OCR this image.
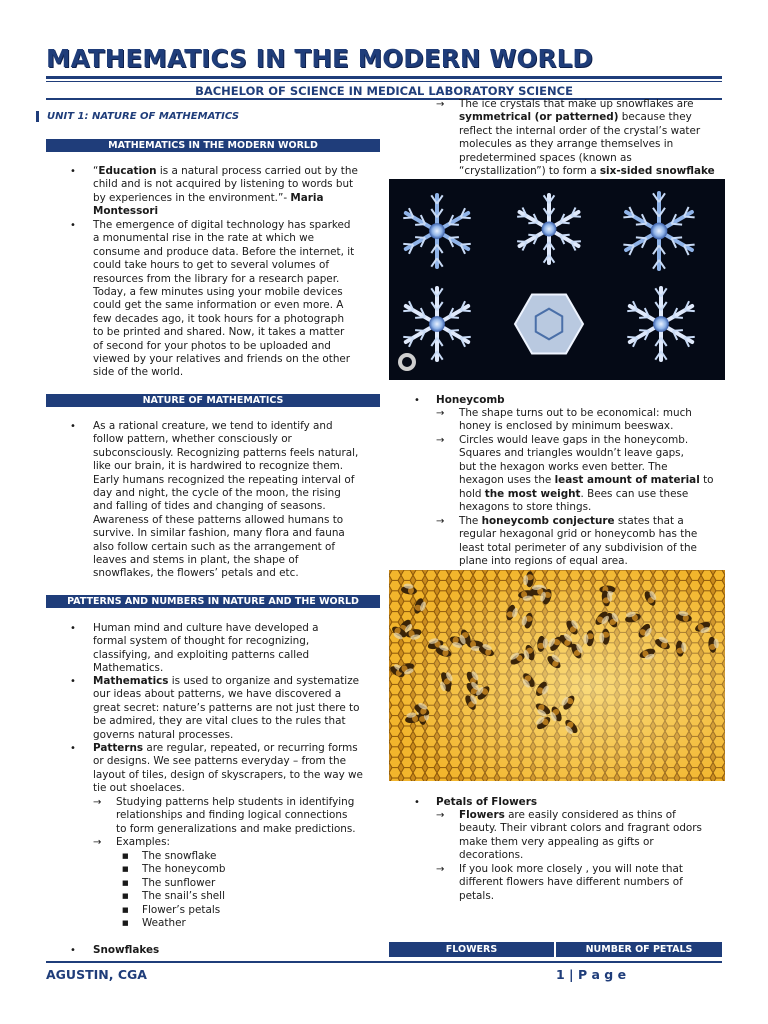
MATHEMATICS IN THE MODERN WORLD
BACHELOR OF SCIENCE IN MEDICAL LABORATORY SCIENCE
UNIT 1: NATURE OF MATHEMATICS
MATHEMATICS IN THE MODERN WORLD
• “Education is a natural process carried out by the
child and is not acquired by listening to words but
by experiences in the environment.”- Maria
Montessori
• The emergence of digital technology has sparked
a monumental rise in the rate at which we
consume and produce data. Before the internet, it
could take hours to get to several volumes of
resources from the library for a research paper.
Today, a few minutes using your mobile devices
could get the same information or even more. A
few decades ago, it took hours for a photograph
to be printed and shared. Now, it takes a matter
of second for your photos to be uploaded and
viewed by your relatives and friends on the other
side of the world.
NATURE OF MATHEMATICS
• As a rational creature, we tend to identify and
follow pattern, whether consciously or
subconsciously. Recognizing patterns feels natural,
like our brain, it is hardwired to recognize them.
Early humans recognized the repeating interval of
day and night, the cycle of the moon, the rising
and falling of tides and changing of seasons.
Awareness of these patterns allowed humans to
survive. In similar fashion, many flora and fauna
also follow certain such as the arrangement of
leaves and stems in plant, the shape of
snowflakes, the flowers’ petals and etc.
PATTERNS AND NUMBERS IN NATURE AND THE WORLD
• Human mind and culture have developed a
formal system of thought for recognizing,
classifying, and exploiting patterns called
Mathematics.
• Mathematics is used to organize and systematize
our ideas about patterns, we have discovered a
great secret: nature’s patterns are not just there to
be admired, they are vital clues to the rules that
governs natural processes.
• Patterns are regular, repeated, or recurring forms
or designs. We see patterns everyday – from the
layout of tiles, design of skyscrapers, to the way we
tie out shoelaces.
→ Studying patterns help students in identifying
relationships and finding logical connections
to form generalizations and make predictions.
→ Examples:
■ The snowflake
■ The honeycomb
■ The sunflower
■ The snail’s shell
■ Flower’s petals
■ Weather
• Snowflakes
→ The ice crystals that make up snowflakes are
symmetrical (or patterned) because they
reflect the internal order of the crystal’s water
molecules as they arrange themselves in
predetermined spaces (known as
“crystallization”) to form a six-sided snowflake
• Honeycomb
→ The shape turns out to be economical: much
honey is enclosed by minimum beeswax.
→ Circles would leave gaps in the honeycomb.
Squares and triangles wouldn’t leave gaps,
but the hexagon works even better. The
hexagon uses the least amount of material to
hold the most weight. Bees can use these
hexagons to store things.
→ The honeycomb conjecture states that a
regular hexagonal grid or honeycomb has the
least total perimeter of any subdivision of the
plane into regions of equal area.
• Petals of Flowers
→ Flowers are easily considered as thins of
beauty. Their vibrant colors and fragrant odors
make them very appealing as gifts or
decorations.
→ If you look more closely , you will note that
different flowers have different numbers of
petals.
FLOWERS	NUMBER OF PETALS
AGUSTIN, CGA	1 | P a g e
